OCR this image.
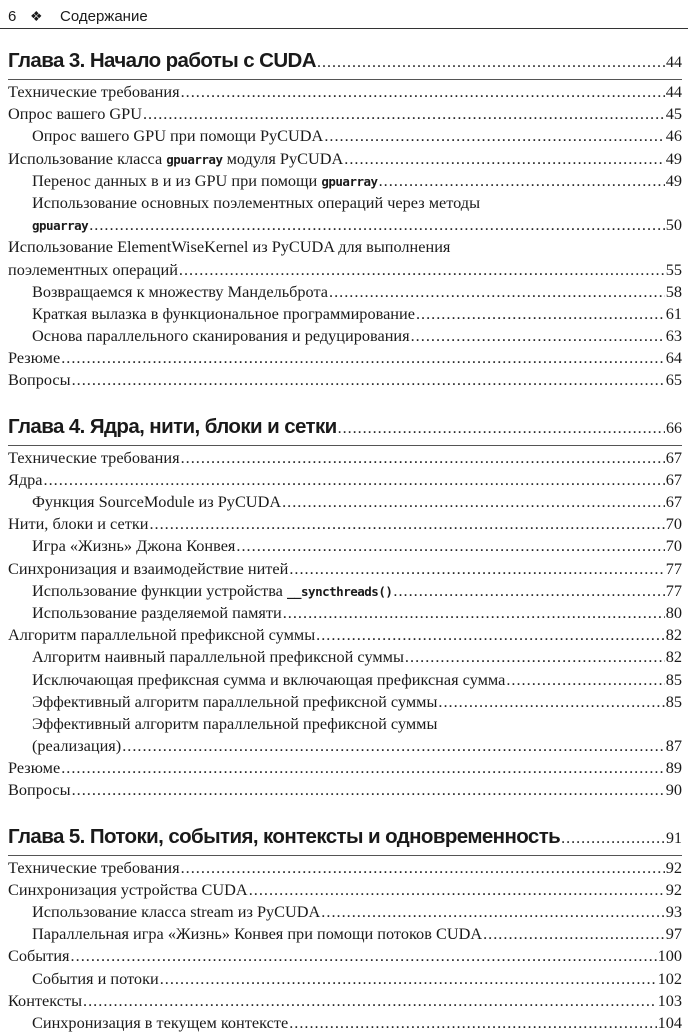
6 ❖	Содержание
Глава 3. Начало работы с CUDA .....	44
Технические требования .....	44
Опрос вашего GPU .....	45
Опрос вашего GPU при помощи PyCUDA .....	46
Использование класса gpuarray модуля PyCUDA .....	49
Перенос данных в и из GPU при помощи gpuarray .....	49
Использование основных поэлементных операций через методы
gpuarray .....	50
Использование ElementWiseKernel из PyCUDA для выполнения
поэлементных операций .....	55
Возвращаемся к множеству Мандельброта .....	58
Краткая вылазка в функциональное программирование .....	61
Основа параллельного сканирования и редуцирования .....	63
Резюме .....	64
Вопросы .....	65
Глава 4. Ядра, нити, блоки и сетки .....	66
Технические требования .....	67
Ядра .....	67
Функция SourceModule из PyCUDA .....	67
Нити, блоки и сетки .....	70
Игра «Жизнь» Джона Конвея .....	70
Синхронизация и взаимодействие нитей .....	77
Использование функции устройства __syncthreads() .....	77
Использование разделяемой памяти .....	80
Алгоритм параллельной префиксной суммы .....	82
Алгоритм наивный параллельной префиксной суммы .....	82
Исключающая префиксная сумма и включающая префиксная сумма .....	85
Эффективный алгоритм параллельной префиксной суммы .....	85
Эффективный алгоритм параллельной префиксной суммы
(реализация) .....	87
Резюме .....	89
Вопросы .....	90
Глава 5. Потоки, события, контексты и одновременность .....	91
Технические требования .....	92
Синхронизация устройства CUDA .....	92
Использование класса stream из PyCUDA .....	93
Параллельная игра «Жизнь» Конвея при помощи потоков CUDA .....	97
События .....	100
События и потоки .....	102
Контексты .....	103
Синхронизация в текущем контексте .....	104
